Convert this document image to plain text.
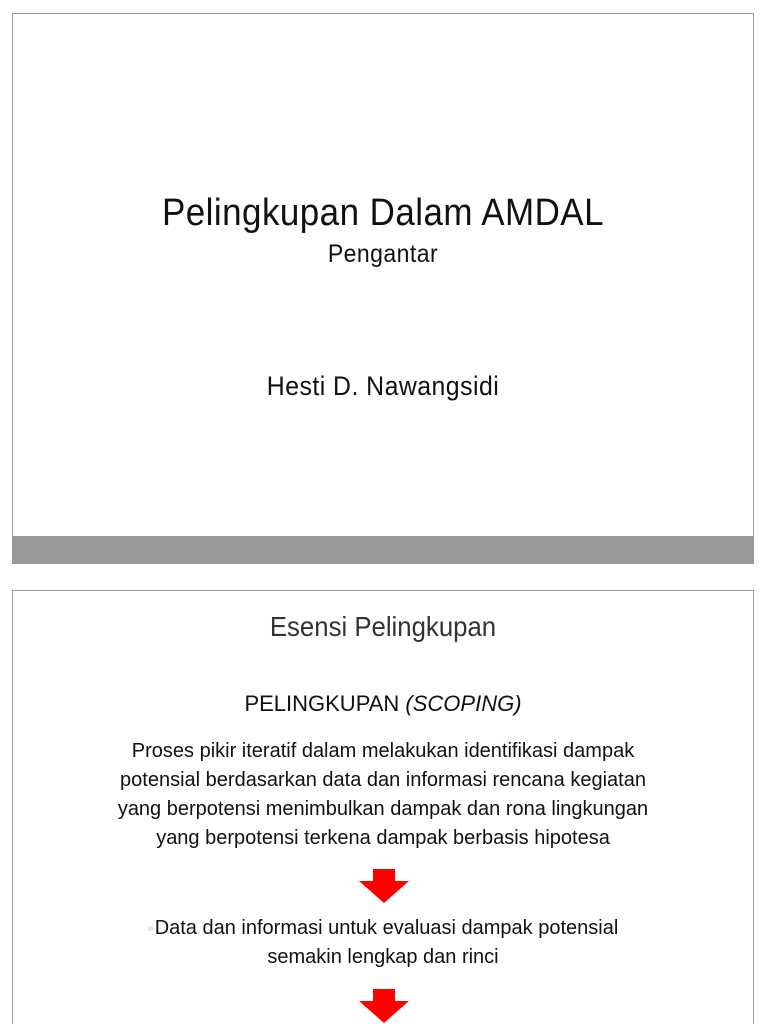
Pelingkupan Dalam AMDAL
Pengantar
Hesti D. Nawangsidi
Esensi Pelingkupan
PELINGKUPAN (SCOPING)
Proses pikir iteratif dalam melakukan identifikasi dampak
potensial berdasarkan data dan informasi rencana kegiatan
yang berpotensi menimbulkan dampak dan rona lingkungan
yang berpotensi terkena dampak berbasis hipotesa
Data dan informasi untuk evaluasi dampak potensial
semakin lengkap dan rinci
